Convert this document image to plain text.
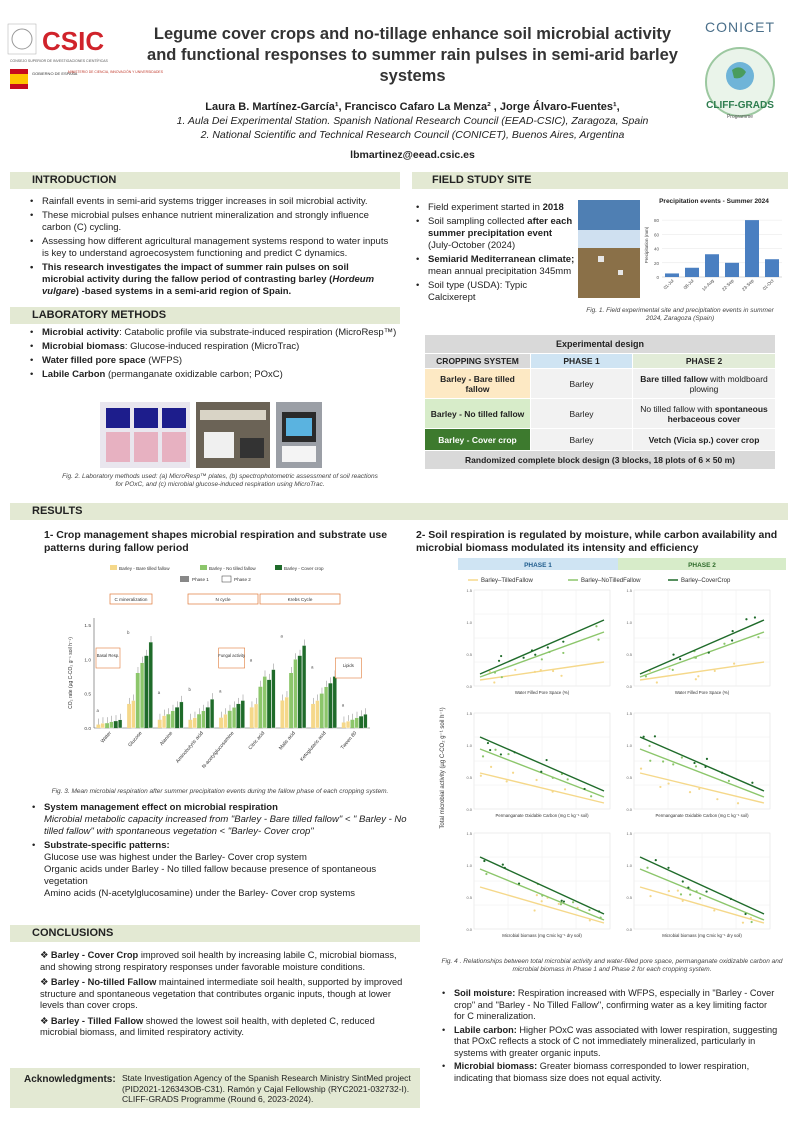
CSIC
CONSEJO SUPERIOR DE INVESTIGACIONES CIENTÍFICAS
GOBIERNO DE ESPAÑA
MINISTERIO DE CIENCIA, INNOVACIÓN Y UNIVERSIDADES
Legume cover crops and no-tillage enhance soil microbial activity and functional responses to summer rain pulses in semi-arid barley systems
Laura B. Martínez-García¹, Francisco Cafaro La Menza² , Jorge Álvaro-Fuentes¹,
1. Aula Dei Experimental Station. Spanish National Research Council (EEAD-CSIC), Zaragoza, Spain
2. National Scientific and Technical Research Council (CONICET), Buenos Aires, Argentina
lbmartinez@eead.csic.es
CONICET
CLIFF-GRADS
Programme
INTRODUCTION
• Rainfall events in semi-arid systems trigger increases in soil microbial activity.
• These microbial pulses enhance nutrient mineralization and strongly influence carbon (C) cycling.
• Assessing how different agricultural management systems respond to water inputs is key to understand agroecosystem functioning and predict C dynamics.
• This research investigates the impact of summer rain pulses on soil microbial activity during the fallow period of contrasting barley (Hordeum vulgare) -based systems in a semi-arid region of Spain.
LABORATORY METHODS
• Microbial activity: Catabolic profile via substrate-induced respiration (MicroResp™)
• Microbial biomass: Glucose-induced respiration (MicroTrac)
• Water filled pore space (WFPS)
• Labile Carbon (permanganate oxidizable carbon; POxC)
Fig. 2. Laboratory methods used: (a) MicroResp™ plates, (b) spectrophotometric assessment of soil reactions for POxC, and (c) microbial glucose-induced respiration using MicroTrac.
FIELD STUDY SITE
• Field experiment started in 2018
• Soil sampling collected after each summer precipitation event (July-October (2024)
• Semiarid Mediterranean climate; mean annual precipitation 345mm
• Soil type (USDA): Typic Calcixerept
Precipitation events - Summer 2024
0
20
40
60
80
01-Jul 08-Jul 14-Aug 22-Sep 23-Sep 01-Oct
Precipitation (mm)
Fig. 1. Field experimental site and precipitation events in summer 2024, Zaragoza (Spain)
Experimental design		
CROPPING SYSTEM	PHASE 1	PHASE 2
Barley - Bare tilled fallow	Barley	Bare tilled fallow with moldboard plowing
Barley - No tilled fallow	Barley	No tilled fallow with spontaneous herbaceous cover
Barley - Cover crop	Barley	Vetch (Vicia sp.) cover crop
Randomized complete block design (3 blocks, 18 plots of 6 × 50 m)		
RESULTS
1- Crop management shapes microbial respiration and substrate use patterns during fallow period
2- Soil respiration is regulated by moisture, while carbon availability and microbial biomass modulated its intensity and efficiency
Barley - Bare tilled fallow	Barley - No tilled fallow	Barley - Cover crop
Phase 1	Phase 2
C mineralization	N cycle	Krebs Cycle
0.0
0.5
1.0
1.5
CO₂ rate (µg C-CO₂ g⁻¹ soil h⁻¹)
a
Water
b
Glucose
a
Alanine
b
Aminobutyric acid
a
N-acetylglucosamine
a
Citric acid
a
Malic acid
a
Ketoglutaric acid
a
Tween 80
Basal Resp.	Fungal activity
Lipids
Fig. 3. Mean microbial respiration after summer precipitation events during the fallow phase of each cropping system.
• System management effect on microbial respiration
Microbial metabolic capacity increased from "Barley - Bare tilled fallow" < " Barley - No tilled fallow" with spontaneous vegetation < "Barley- Cover crop"
• Substrate-specific patterns:
Glucose use was highest under the Barley- Cover crop system
Organic acids under Barley - No tilled fallow because presence of spontaneous vegetation
Amino acids (N-acetylglucosamine) under the Barley- Cover crop systems
PHASE 1	PHASE 2
Barley–TilledFallow	Barley–NoTilledFallow	Barley–CoverCrop
Total microbial activity (µg C-CO₂ g⁻¹ soil h⁻¹)
0.0
0.5
1.0
1.5
Water Filled Pore Space (%)
0.0
0.5
1.0
1.5
Water Filled Pore Space (%)
0.0
0.5
1.0
1.5
Permanganate Oxidable Carbon (mg C kg⁻¹ soil)
0.0
0.5
1.0
1.5
Permanganate Oxidable Carbon (mg C kg⁻¹ soil)
0.0
0.5
1.0
1.5
Microbial biomass (mg Cmic kg⁻¹ dry soil)
0.0
0.5
1.0
1.5
Microbial biomass (mg Cmic kg⁻¹ dry soil)
Fig. 4 . Relationships between total microbial activity and water-filled pore space, permanganate oxidizable carbon and microbial biomass in Phase 1 and Phase 2 for each cropping system.
• Soil moisture: Respiration increased with WFPS, especially in "Barley - Cover crop" and "Barley - No Tilled Fallow", confirming water as a key limiting factor for C mineralization.
• Labile carbon: Higher POxC was associated with lower respiration, suggesting that POxC reflects a stock of C not immediately mineralized, particularly in systems with greater organic inputs.
• Microbial biomass: Greater biomass corresponded to lower respiration, indicating that biomass size does not equal activity.
CONCLUSIONS
❖ Barley - Cover Crop improved soil health by increasing labile C, microbial biomass, and showing strong respiratory responses under favorable moisture conditions.
❖ Barley - No-tilled Fallow maintained intermediate soil health, supported by improved structure and spontaneous vegetation that contributes organic inputs, though at lower levels than cover crops.
❖ Barley - Tilled Fallow showed the lowest soil health, with depleted C, reduced microbial biomass, and limited respiratory activity.
Acknowledgments: State Investigation Agency of the Spanish Research Ministry SintMed project (PID2021-126343OB-C31). Ramón y Cajal Fellowship (RYC2021-032732-I). CLIFF-GRADS Programme (Round 6, 2023-2024).
